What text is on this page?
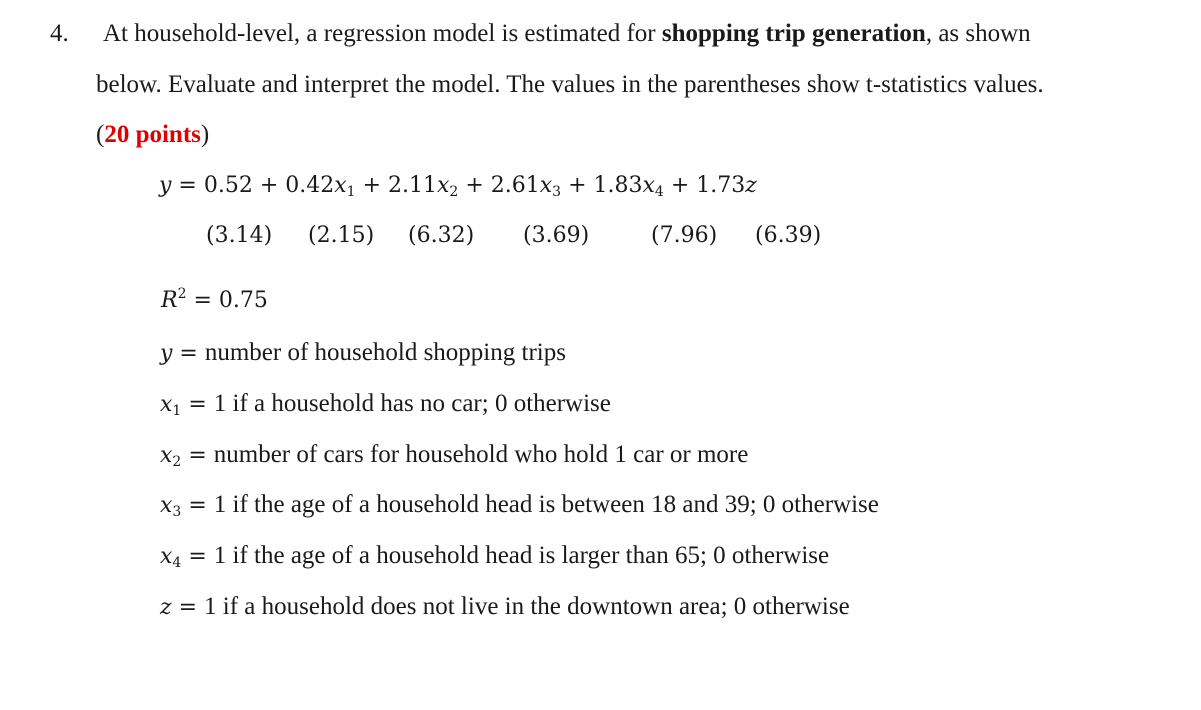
4. At household-level, a regression model is estimated for shopping trip generation, as shown
below. Evaluate and interpret the model. The values in the parentheses show t-statistics values.
(20 points)
$y = 0.52 + 0.42x_1 + 2.11x_2 + 2.61x_3 + 1.83x_4 + 1.73z$
(3.14) (2.15) (6.32) (3.69)	(7.96) (6.39)
$R^2 = 0.75$
y = number of household shopping trips
$x_1 = 1$ if a household has no car; 0 otherwise
$x_2$ = number of cars for household who hold 1 car or more
$x_3 = 1$ if the age of a household head is between 18 and 39; 0 otherwise
$x_4 = 1$ if the age of a household head is larger than 65; 0 otherwise
z = 1 if a household does not live in the downtown area; 0 otherwise
